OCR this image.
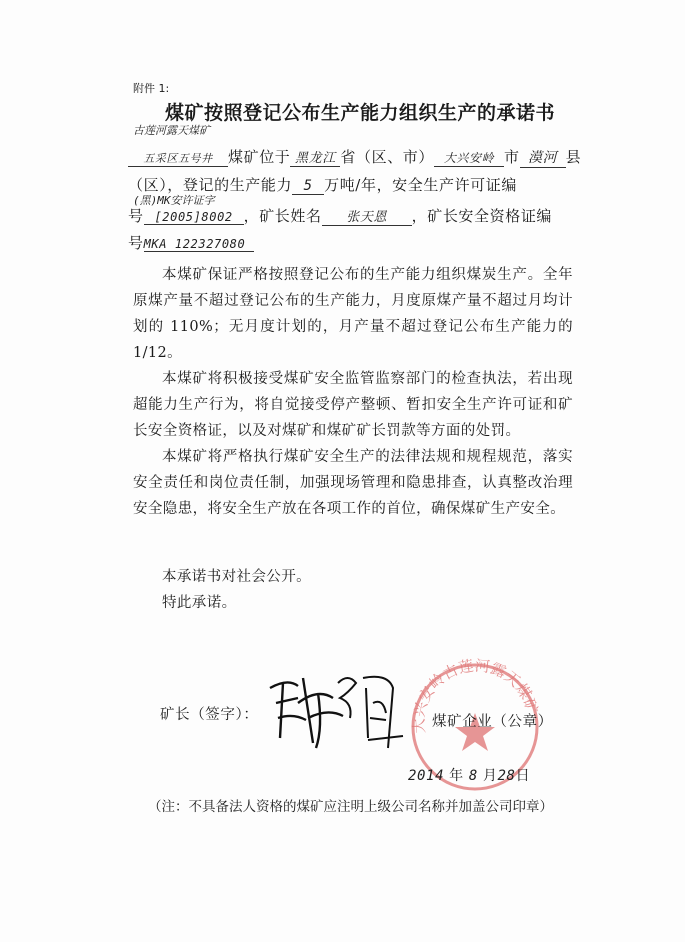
附件 1:
煤矿按照登记公布生产能力组织生产的承诺书
古莲河露天煤矿
五采区五号井 煤矿位于 黑龙江 省（区、市） 大兴安岭 市 漠河 县
（区），登记的生产能力 5 万吨/年，安全生产许可证编
(黑)MK安许证字
号 [2005]8002 ，矿长姓名 张天恩 ，矿长安全资格证编
号MKA 122327080
本煤矿保证严格按照登记公布的生产能力组织煤炭生产。全年原煤产量不超过登记公布的生产能力，月度原煤产量不超过月均计划的 110%；无月度计划的，月产量不超过登记公布生产能力的 1/12。
本煤矿将积极接受煤矿安全监管监察部门的检查执法，若出现超能力生产行为，将自觉接受停产整顿、暂扣安全生产许可证和矿长安全资格证，以及对煤矿和煤矿矿长罚款等方面的处罚。
本煤矿将严格执行煤矿安全生产的法律法规和规程规范，落实安全责任和岗位责任制，加强现场管理和隐患排查，认真整改治理安全隐患，将安全生产放在各项工作的首位，确保煤矿生产安全。
本承诺书对社会公开。
特此承诺。
大兴安岭古莲河露天煤矿
矿长（签字）：	煤矿企业（公章）
2014 年 8 月28日
（注：不具备法人资格的煤矿应注明上级公司名称并加盖公司印章）
